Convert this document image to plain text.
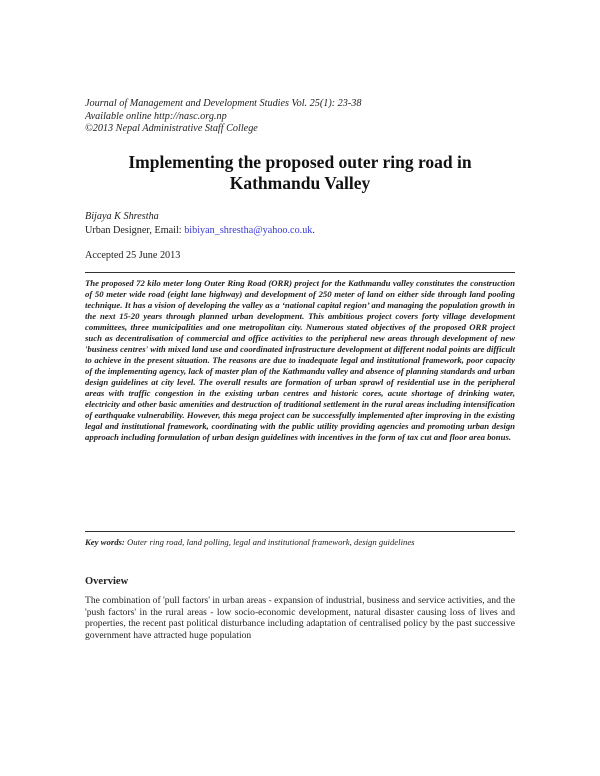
Journal of Management and Development Studies Vol. 25(1): 23-38
Available online http://nasc.org.np
©2013 Nepal Administrative Staff College
Implementing the proposed outer ring road in
Kathmandu Valley
Bijaya K Shrestha
Urban Designer, Email: bibiyan_shrestha@yahoo.co.uk.
Accepted 25 June 2013
The proposed 72 kilo meter long Outer Ring Road (ORR) project for the Kathmandu valley constitutes the construction of 50 meter wide road (eight lane highway) and development of 250 meter of land on either side through land pooling technique. It has a vision of developing the valley as a ‘national capital region’ and managing the population growth in the next 15-20 years through planned urban development. This ambitious project covers forty village development committees, three municipalities and one metropolitan city. Numerous stated objectives of the proposed ORR project such as decentralisation of commercial and office activities to the peripheral new areas through development of new 'business centres' with mixed land use and coordinated infrastructure development at different nodal points are difficult to achieve in the present situation. The reasons are due to inadequate legal and institutional framework, poor capacity of the implementing agency, lack of master plan of the Kathmandu valley and absence of planning standards and urban design guidelines at city level. The overall results are formation of urban sprawl of residential use in the peripheral areas with traffic congestion in the existing urban centres and historic cores, acute shortage of drinking water, electricity and other basic amenities and destruction of traditional settlement in the rural areas including intensification of earthquake vulnerability. However, this mega project can be successfully implemented after improving in the existing legal and institutional framework, coordinating with the public utility providing agencies and promoting urban design approach including formulation of urban design guidelines with incentives in the form of tax cut and floor area bonus.
Key words: Outer ring road, land polling, legal and institutional framework, design guidelines
Overview
The combination of 'pull factors' in urban areas - expansion of industrial, business and service activities, and the 'push factors' in the rural areas - low socio-economic development, natural disaster causing loss of lives and properties, the recent past political disturbance including adaptation of centralised policy by the past successive government have attracted huge population
